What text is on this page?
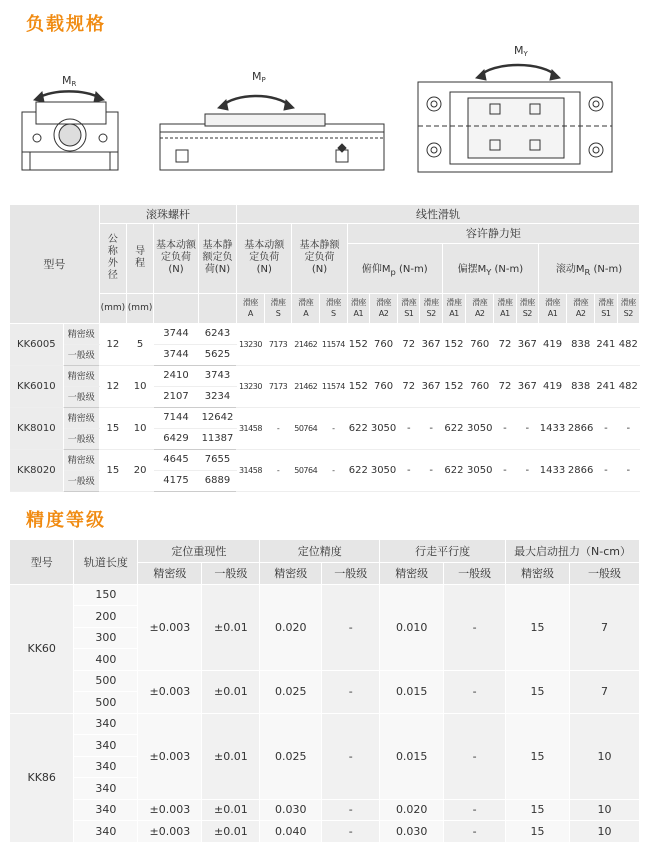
负载规格
MR
MP
MY
型号		滚珠螺杆				线性滑轨															
		公称外径	导程	基本动额定负荷(N)	基本静额定负荷(N)	基本动额定负荷(N)		基本静额定负荷(N)		容许静力矩											
										俯仰$M_p$ (N-m)				偏摆$M_Y$ (N-m)				滚动$M_R$ (N-m)			
		(mm)	(mm)			滑座A	滑座S	滑座A	滑座S	滑座A1	滑座A2	滑座S1	滑座S2	滑座A1	滑座A2	滑座A1	滑座S2	滑座A1	滑座A2	滑座S1	滑座S2
KK6005	精密级	12	5	3744	6243	13230	7173	21462	11574	152	760	72	367	152	760	72	367	419	838	241	482
	一般级			3744	5625																
KK6010	精密级	12	10	2410	3743	13230	7173	21462	11574	152	760	72	367	152	760	72	367	419	838	241	482
	一般级			2107	3234																
KK8010	精密级	15	10	7144	12642	31458	-	50764	-	622	3050	-	-	622	3050	-	-	1433	2866	-	-
	一般级			6429	11387																
KK8020	精密级	15	20	4645	7655	31458	-	50764	-	622	3050	-	-	622	3050	-	-	1433	2866	-	-
	一般级			4175	6889																
型号	轨道长度	定位重现性		定位精度		行走平行度		最大启动扭力（N-cm）	
		精密级	一般级	精密级	一般级	精密级	一般级	精密级	一般级
KK60	150	±0.003	±0.01	0.020	-	0.010	-	15	7
	200								
	300								
	400								
	500	±0.003	±0.01	0.025	-	0.015	-	15	7
	500								
KK86	340	±0.003	±0.01	0.025	-	0.015	-	15	10
	340								
	340								
	340								
	340	±0.003	±0.01	0.030	-	0.020	-	15	10
	340	±0.003	±0.01	0.040	-	0.030	-	15	10
精度等级
